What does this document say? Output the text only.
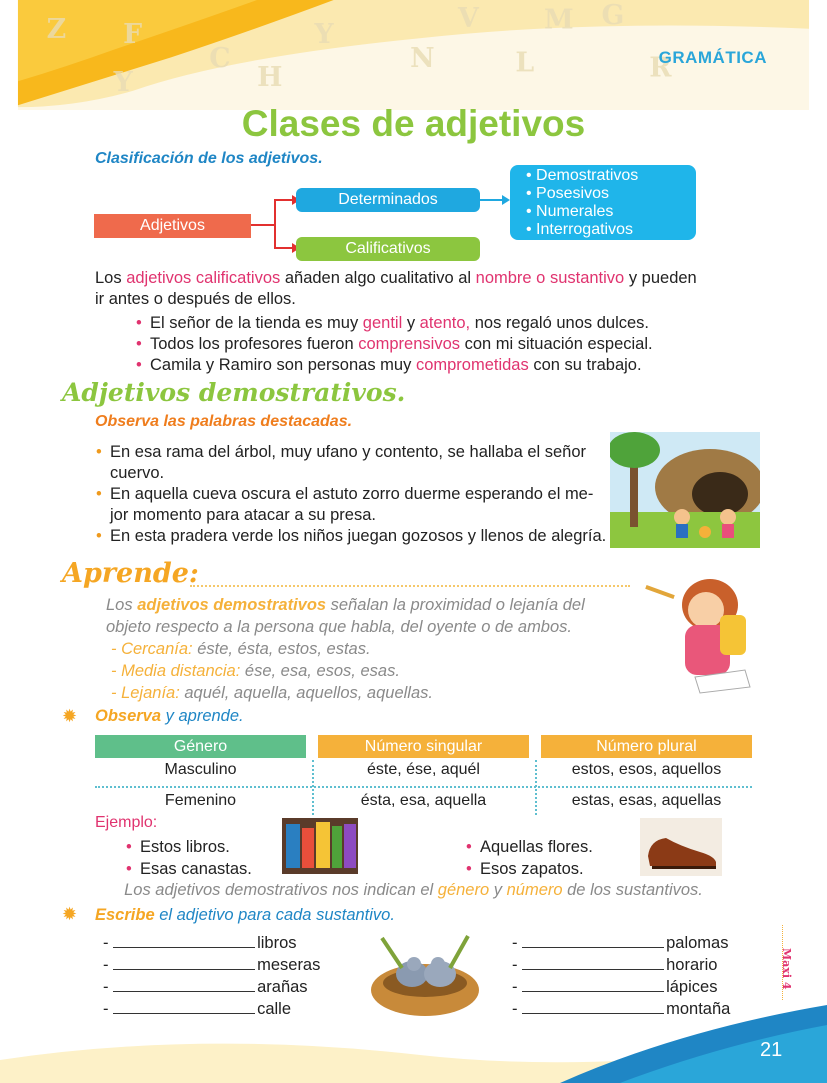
Z F
C
Y
V M G
L
N	R
Y	H
GRAMÁTICA
Clases de adjetivos
Clasificación de los adjetivos.
Adjetivos
Determinados
Calificativos
• Demostrativos
• Posesivos
• Numerales
• Interrogativos
Los adjetivos calificativos añaden algo cualitativo al nombre o sustantivo y pueden
ir antes o después de ellos.
• El señor de la tienda es muy gentil y atento, nos regaló unos dulces.
• Todos los profesores fueron comprensivos con mi situación especial.
• Camila y Ramiro son personas muy comprometidas con su trabajo.
Adjetivos demostrativos.
Observa las palabras destacadas.
• En esa rama del árbol, muy ufano y contento, se hallaba el señor
cuervo.
• En aquella cueva oscura el astuto zorro duerme esperando el me-
jor momento para atacar a su presa.
• En esta pradera verde los niños juegan gozosos y llenos de alegría.
Aprende:
Los adjetivos demostrativos señalan la proximidad o lejanía del
objeto respecto a la persona que habla, del oyente o de ambos.
- Cercanía: éste, ésta, estos, estas.
- Media distancia: ése, esa, esos, esas.
- Lejanía: aquél, aquella, aquellos, aquellas.
✹ Observa y aprende.
Género	Número singular	Número plural
Masculino	éste, ése, aquél	estos, esos, aquellos
Femenino	ésta, esa, aquella	estas, esas, aquellas
Ejemplo:
• Estos libros.
• Esas canastas.
• Aquellas flores.
• Esos zapatos.
Los adjetivos demostrativos nos indican el género y número de los sustantivos.
✹ Escribe el adjetivo para cada sustantivo.
-	libros
-	meseras
-	arañas
-	calle
-	palomas
-	horario
-	lápices
-	montaña
Maxi 4
21
